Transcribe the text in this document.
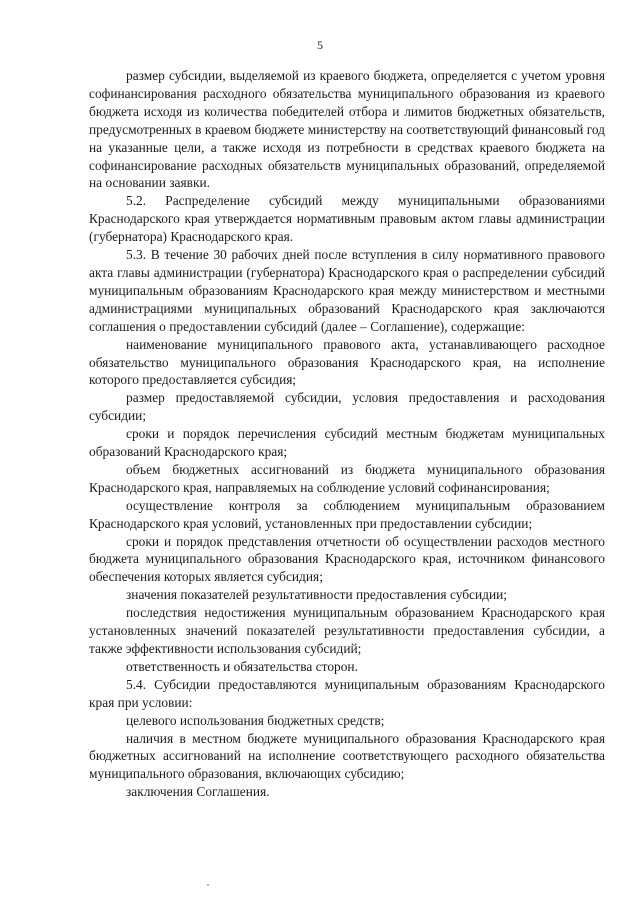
5

размер субсидии, выделяемой из краевого бюджета, определяется с учетом уровня софинансирования расходного обязательства муниципального образования из краевого бюджета исходя из количества победителей отбора и лимитов бюджетных обязательств, предусмотренных в краевом бюджете министерству на соответствующий финансовый год на указанные цели, а также исходя из потребности в средствах краевого бюджета на софинансирование расходных обязательств муниципальных образований, определяемой на основании заявки.

5.2. Распределение субсидий между муниципальными образованиями Краснодарского края утверждается нормативным правовым актом главы администрации (губернатора) Краснодарского края.

5.3. В течение 30 рабочих дней после вступления в силу нормативного правового акта главы администрации (губернатора) Краснодарского края о распределении субсидий муниципальным образованиям Краснодарского края между министерством и местными администрациями муниципальных образований Краснодарского края заключаются соглашения о предоставлении субсидий (далее – Соглашение), содержащие:

наименование муниципального правового акта, устанавливающего расходное обязательство муниципального образования Краснодарского края, на исполнение которого предоставляется субсидия;

размер предоставляемой субсидии, условия предоставления и расходования субсидии;

сроки и порядок перечисления субсидий местным бюджетам муниципальных образований Краснодарского края;

объем бюджетных ассигнований из бюджета муниципального образования Краснодарского края, направляемых на соблюдение условий софинансирования;

осуществление контроля за соблюдением муниципальным образованием Краснодарского края условий, установленных при предоставлении субсидии;

сроки и порядок представления отчетности об осуществлении расходов местного бюджета муниципального образования Краснодарского края, источником финансового обеспечения которых является субсидия;

значения показателей результативности предоставления субсидии;

последствия недостижения муниципальным образованием Краснодарского края установленных значений показателей результативности предоставления субсидии, а также эффективности использования субсидий;

ответственность и обязательства сторон.

5.4. Субсидии предоставляются муниципальным образованиям Краснодарского края при условии:

целевого использования бюджетных средств;

наличия в местном бюджете муниципального образования Краснодарского края бюджетных ассигнований на исполнение соответствующего расходного обязательства муниципального образования, включающих субсидию;

заключения Соглашения.
